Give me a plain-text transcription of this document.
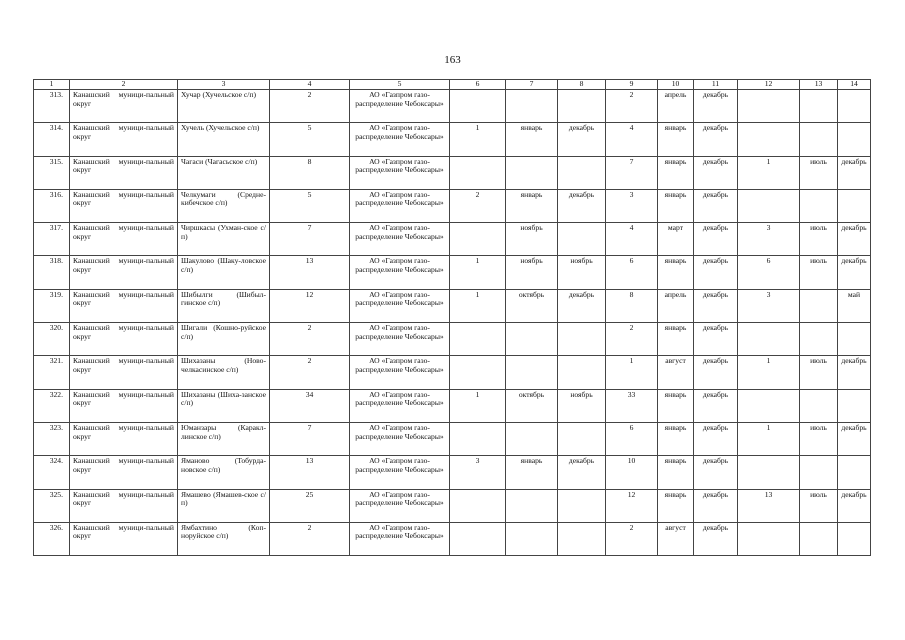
163
1	2	3	4	5	6	7	8	9	10	11	12	13	14
313.	Канашский муници-пальный округ	Хучар (Хучельское с/п)	2	АО «Газпром газо-распределение Чебоксары»				2	апрель	декабрь			
314.	Канашский муници-пальный округ	Хучель (Хучельское с/п)	5	АО «Газпром газо-распределение Чебоксары»	1	январь	декабрь	4	январь	декабрь			
315.	Канашский муници-пальный округ	Чагаси (Чагасьское с/п)	8	АО «Газпром газо-распределение Чебоксары»				7	январь	декабрь	1	июль	декабрь
316.	Канашский муници-пальный округ	Челкумаги (Средне-кибечское с/п)	5	АО «Газпром газо-распределение Чебоксары»	2	январь	декабрь	3	январь	декабрь			
317.	Канашский муници-пальный округ	Чиршкасы (Ухман-ское с/п)	7	АО «Газпром газо-распределение Чебоксары»		ноябрь		4	март	декабрь	3	июль	декабрь
318.	Канашский муници-пальный округ	Шакулово (Шаку-ловское с/п)	13	АО «Газпром газо-распределение Чебоксары»	1	ноябрь	ноябрь	6	январь	декабрь	6	июль	декабрь
319.	Канашский муници-пальный округ	Шибылги (Шибыл-гинское с/п)	12	АО «Газпром газо-распределение Чебоксары»	1	октябрь	декабрь	8	апрель	декабрь	3		май
320.	Канашский муници-пальный округ	Шигали (Кошно-руйское с/п)	2	АО «Газпром газо-распределение Чебоксары»				2	январь	декабрь			
321.	Канашский муници-пальный округ	Шихазаны (Ново-челкасинское с/п)	2	АО «Газпром газо-распределение Чебоксары»				1	август	декабрь	1	июль	декабрь
322.	Канашский муници-пальный округ	Шихазаны (Шиха-занское с/п)	34	АО «Газпром газо-распределение Чебоксары»	1	октябрь	ноябрь	33	январь	декабрь			
323.	Канашский муници-пальный округ	Юманзары (Каракл-линское с/п)	7	АО «Газпром газо-распределение Чебоксары»				6	январь	декабрь	1	июль	декабрь
324.	Канашский муници-пальный округ	Яманово (Тобурда-новское с/п)	13	АО «Газпром газо-распределение Чебоксары»	3	январь	декабрь	10	январь	декабрь			
325.	Канашский муници-пальный округ	Ямашево (Ямашев-ское с/п)	25	АО «Газпром газо-распределение Чебоксары»				12	январь	декабрь	13	июль	декабрь
326.	Канашский муници-пальный округ	Ямбахтино (Коп-норуйское с/п)	2	АО «Газпром газо-распределение Чебоксары»				2	август	декабрь			
